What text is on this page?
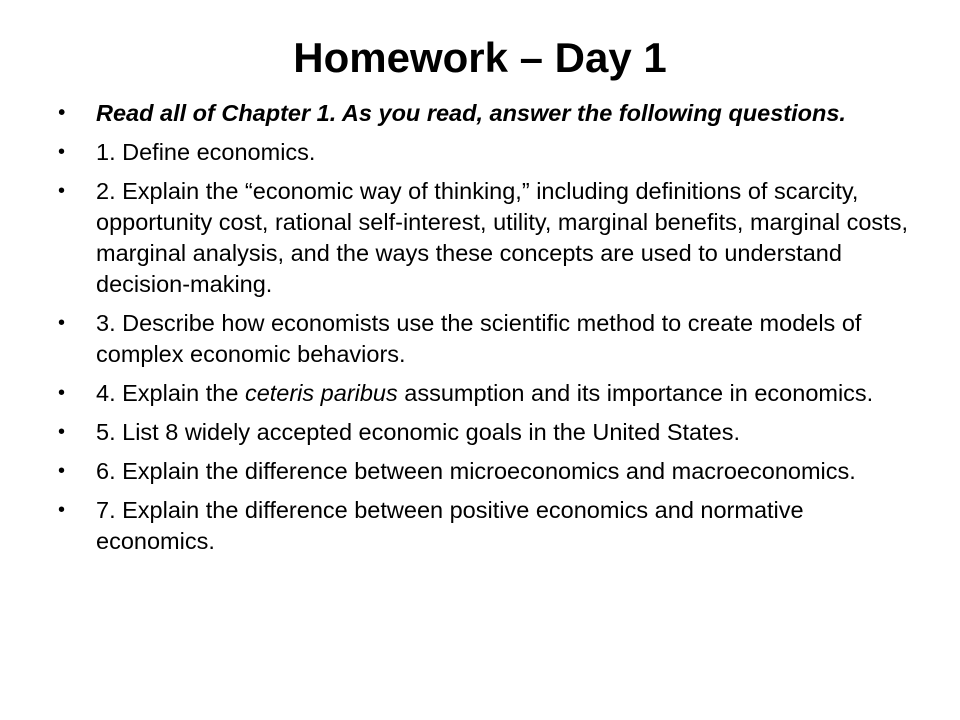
Homework – Day 1
•	Read all of Chapter 1. As you read, answer the following questions.
•	1. Define economics.
•	2. Explain the “economic way of thinking,” including definitions of scarcity, opportunity cost, rational self-interest, utility, marginal benefits, marginal costs, marginal analysis, and the ways these concepts are used to understand decision-making.
•	3. Describe how economists use the scientific method to create models of complex economic behaviors.
•	4. Explain the ceteris paribus assumption and its importance in economics.
•	5. List 8 widely accepted economic goals in the United States.
•	6. Explain the difference between microeconomics and macroeconomics.
•	7. Explain the difference between positive economics and normative economics.
